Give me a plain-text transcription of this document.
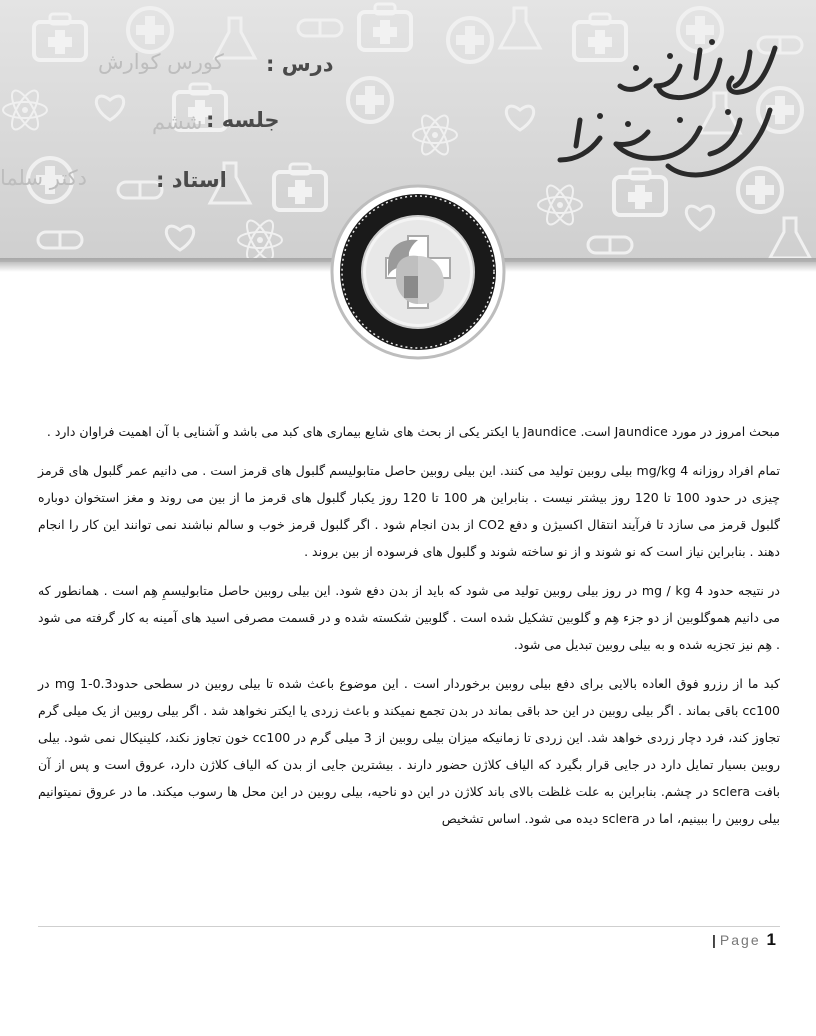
درس :
کورس کوارش
جلسه :
ششم
استاد :
دکتر سلما

مبحث امروز در مورد Jaundice است. Jaundice یا ایکتر یکی از بحث های شایع بیماری های کبد می باشد و آشنایی با آن اهمیت فراوان دارد .

تمام افراد روزانه mg/kg 4 بیلی روبین تولید می کنند. این بیلی روبین حاصل متابولیسم گلبول های قرمز است . می دانیم عمر گلبول های قرمز چیزی در حدود 100 تا 120 روز بیشتر نیست . بنابراین هر 100 تا 120 روز یکبار گلبول های قرمز ما از بین می روند و مغز استخوان دوباره گلبول قرمز می سازد تا فرآیند انتقال اکسیژن و دفع CO2 از بدن انجام شود . اگر گلبول قرمز خوب و سالم نباشند نمی توانند این کار را انجام دهند . بنابراین نیاز است که نو شوند و از نو ساخته شوند و گلبول های فرسوده از بین بروند .

در نتیجه حدود mg / kg 4 در روز بیلی روبین تولید می شود که باید از بدن دفع شود. این بیلی روبین حاصل متابولیسمِ هِم است . همانطور که می دانیم هموگلوبین از دو جزء هِم و گلوبین تشکیل شده است . گلوبین شکسته شده و در قسمت مصرفی اسید های آمینه به کار گرفته می شود . هِم نیز تجزیه شده و به بیلی روبین تبدیل می شود.

کبد ما از رزرو فوق العاده بالایی برای دفع بیلی روبین برخوردار است . این موضوع باعث شده تا بیلی روبین در سطحی حدود0.3-1 mg در cc100 باقی بماند . اگر بیلی روبین در این حد باقی بماند در بدن تجمع نمیکند و باعث زردی یا ایکتر نخواهد شد . اگر بیلی روبین از یک میلی گرم تجاوز کند، فرد دچار زردی خواهد شد. این زردی تا زمانیکه میزان بیلی روبین از 3 میلی گرم در cc100 خون تجاوز نکند، کلینیکال نمی شود. بیلی روبین بسیار تمایل دارد در جایی قرار بگیرد که الیاف کلاژن حضور دارند . بیشترین جایی از بدن که الیاف کلاژن دارد، عروق است و پس از آن بافت sclera در چشم. بنابراین به علت غلظت بالای باند کلاژن در این دو ناحیه، بیلی روبین در این محل ها رسوب میکند. ما در عروق نمیتوانیم بیلی روبین را ببینیم، اما در sclera دیده می شود. اساس تشخیص

| Page 1
